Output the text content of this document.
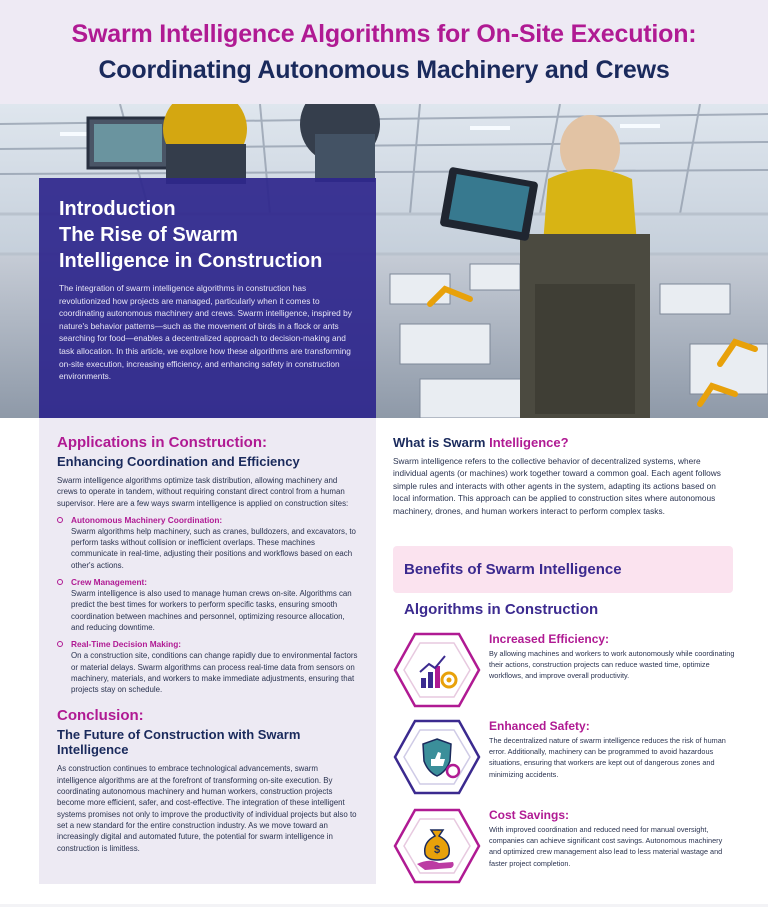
Swarm Intelligence Algorithms for On-Site Execution:
Coordinating Autonomous Machinery and Crews
Introduction
The Rise of Swarm
Intelligence in Construction
The integration of swarm intelligence algorithms in construction has revolutionized how projects are managed, particularly when it comes to coordinating autonomous machinery and crews. Swarm intelligence, inspired by nature's behavior patterns—such as the movement of birds in a flock or ants searching for food—enables a decentralized approach to decision-making and task allocation. In this article, we explore how these algorithms are transforming on-site execution, increasing efficiency, and enhancing safety in construction environments.
Applications in Construction:
Enhancing Coordination and Efficiency
Swarm intelligence algorithms optimize task distribution, allowing machinery and crews to operate in tandem, without requiring constant direct control from a human supervisor. Here are a few ways swarm intelligence is applied on construction sites:
Autonomous Machinery Coordination:
Swarm algorithms help machinery, such as cranes, bulldozers, and excavators, to perform tasks without collision or inefficient overlaps. These machines communicate in real-time, adjusting their positions and workflows based on each other's actions.
Crew Management:
Swarm intelligence is also used to manage human crews on-site. Algorithms can predict the best times for workers to perform specific tasks, ensuring smooth coordination between machines and personnel, optimizing resource allocation, and reducing downtime.
Real-Time Decision Making:
On a construction site, conditions can change rapidly due to environmental factors or material delays. Swarm algorithms can process real-time data from sensors on machinery, materials, and workers to make immediate adjustments, ensuring that projects stay on schedule.
Conclusion:
The Future of Construction with Swarm Intelligence
As construction continues to embrace technological advancements, swarm intelligence algorithms are at the forefront of transforming on-site execution. By coordinating autonomous machinery and human workers, construction projects become more efficient, safer, and cost-effective. The integration of these intelligent systems promises not only to improve the productivity of individual projects but also to set a new standard for the entire construction industry. As we move toward an increasingly digital and automated future, the potential for swarm intelligence in construction is limitless.
What is Swarm Intelligence?
Swarm intelligence refers to the collective behavior of decentralized systems, where individual agents (or machines) work together toward a common goal. Each agent follows simple rules and interacts with other agents in the system, adapting its actions based on local information. This approach can be applied to construction sites where autonomous machinery, drones, and human workers interact to perform complex tasks.
Benefits of Swarm Intelligence
Algorithms in Construction
Increased Efficiency:
By allowing machines and workers to work autonomously while coordinating their actions, construction projects can reduce wasted time, optimize workflows, and improve overall productivity.
Enhanced Safety:
The decentralized nature of swarm intelligence reduces the risk of human error. Additionally, machinery can be programmed to avoid hazardous situations, ensuring that workers are kept out of dangerous zones and minimizing accidents.
$
Cost Savings:
With improved coordination and reduced need for manual oversight, companies can achieve significant cost savings. Autonomous machinery and optimized crew management also lead to less material wastage and faster project completion.
